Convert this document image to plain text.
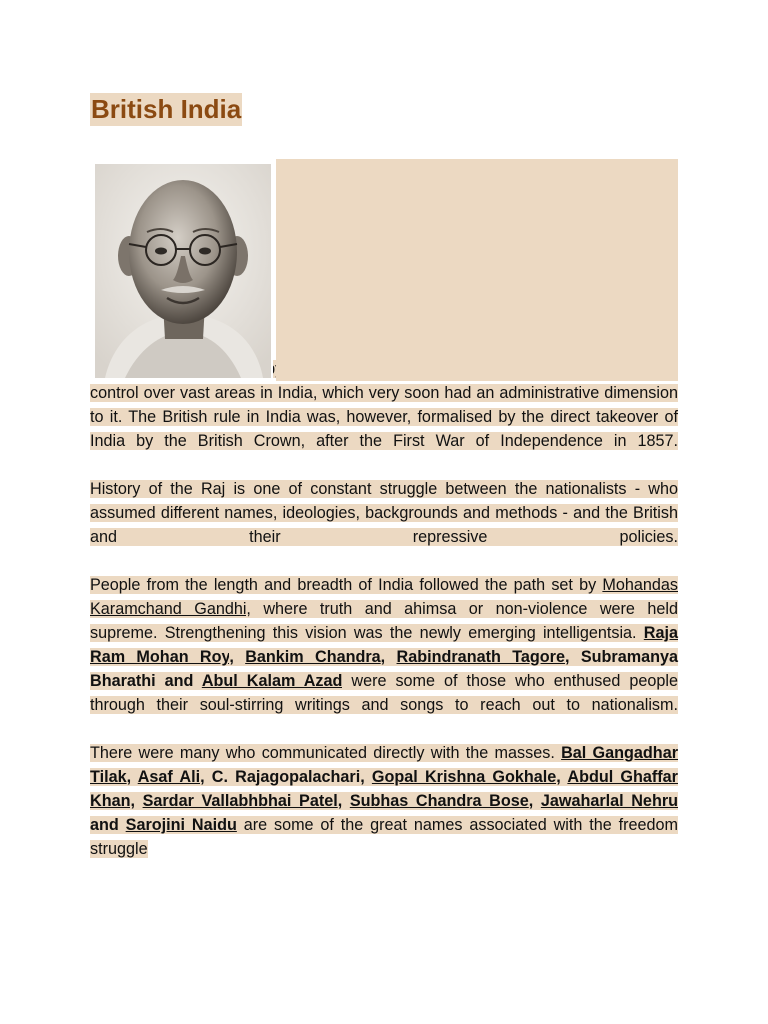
British India

by control over vast areas in India, which very soon had an administrative dimension to it. The British rule in India was, however, formalised by the direct takeover of India by the British Crown, after the First War of Independence in 1857.

History of the Raj is one of constant struggle between the nationalists - who assumed different names, ideologies, backgrounds and methods - and the British and their repressive policies.

People from the length and breadth of India followed the path set by Mohandas Karamchand Gandhi, where truth and ahimsa or non-violence were held supreme. Strengthening this vision was the newly emerging intelligentsia. Raja Ram Mohan Roy, Bankim Chandra, Rabindranath Tagore, Subramanya Bharathi and Abul Kalam Azad were some of those who enthused people through their soul-stirring writings and songs to reach out to nationalism.

There were many who communicated directly with the masses. Bal Gangadhar Tilak, Asaf Ali, C. Rajagopalachari, Gopal Krishna Gokhale, Abdul Ghaffar Khan, Sardar Vallabhbhai Patel, Subhas Chandra Bose, Jawaharlal Nehru and Sarojini Naidu are some of the great names associated with the freedom struggle
